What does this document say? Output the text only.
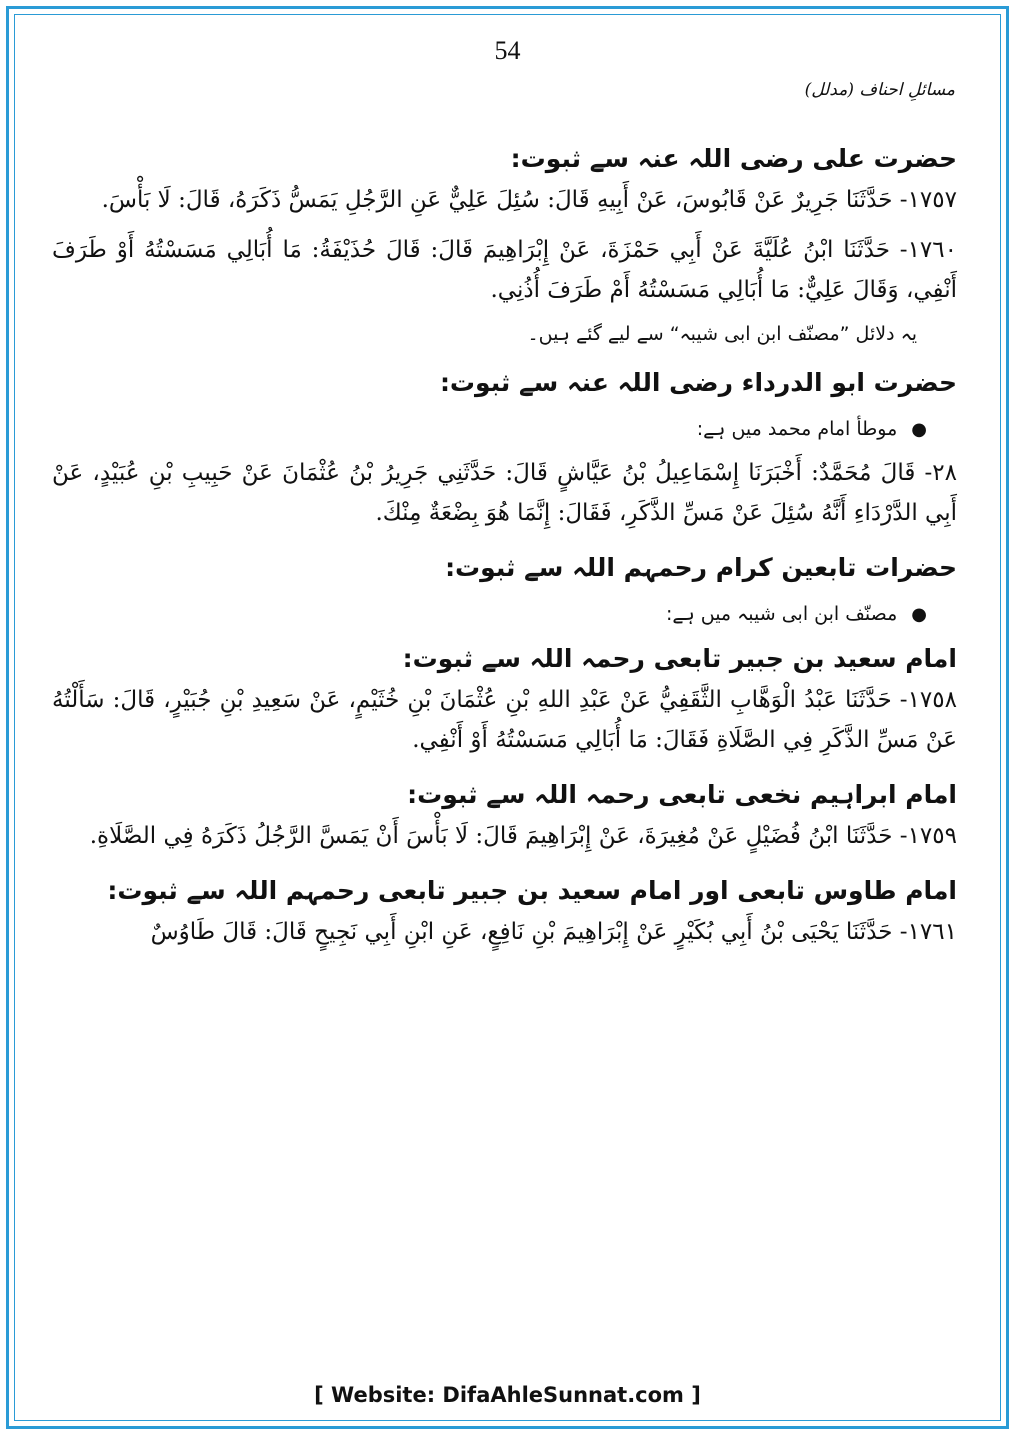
54
مسائلِ احناف (مدلل)

حضرت علی رضی اللہ عنہ سے ثبوت:

١٧٥٧- حَدَّثَنَا جَرِيرٌ عَنْ قَابُوسَ، عَنْ أَبِيهِ قَالَ: سُئِلَ عَلِيٌّ عَنِ الرَّجُلِ يَمَسُّ ذَكَرَهُ، قَالَ: لَا بَأْسَ.

١٧٦٠- حَدَّثَنَا ابْنُ عُلَيَّةَ عَنْ أَبِي حَمْزَةَ، عَنْ إِبْرَاهِيمَ قَالَ: قَالَ حُذَيْفَةُ: مَا أُبَالِي مَسَسْتُهُ أَوْ طَرَفَ أَنْفِي، وَقَالَ عَلِيٌّ: مَا أُبَالِي مَسَسْتُهُ أَمْ طَرَفَ أُذُنِي.

یہ دلائل ”مصنّف ابن ابی شیبہ“ سے لیے گئے ہیں۔

حضرت ابو الدرداء رضی اللہ عنہ سے ثبوت:

● موطأ امام محمد میں ہے:

٢٨- قَالَ مُحَمَّدٌ: أَخْبَرَنَا إِسْمَاعِيلُ بْنُ عَيَّاشٍ قَالَ: حَدَّثَنِي جَرِيرُ بْنُ عُثْمَانَ عَنْ حَبِيبِ بْنِ عُبَيْدٍ، عَنْ أَبِي الدَّرْدَاءِ أَنَّهُ سُئِلَ عَنْ مَسِّ الذَّكَرِ، فَقَالَ: إِنَّمَا هُوَ بِضْعَةٌ مِنْكَ.

حضرات تابعین کرام رحمہم اللہ سے ثبوت:

● مصنّف ابن ابی شیبہ میں ہے:

امام سعید بن جبیر تابعی رحمہ اللہ سے ثبوت:

١٧٥٨- حَدَّثَنَا عَبْدُ الْوَهَّابِ الثَّقَفِيُّ عَنْ عَبْدِ اللهِ بْنِ عُثْمَانَ بْنِ خُثَيْمٍ، عَنْ سَعِيدِ بْنِ جُبَيْرٍ، قَالَ: سَأَلْتُهُ عَنْ مَسِّ الذَّكَرِ فِي الصَّلَاةِ فَقَالَ: مَا أُبَالِي مَسَسْتُهُ أَوْ أَنْفِي.

امام ابراہیم نخعی تابعی رحمہ اللہ سے ثبوت:

١٧٥٩- حَدَّثَنَا ابْنُ فُضَيْلٍ عَنْ مُغِيرَةَ، عَنْ إِبْرَاهِيمَ قَالَ: لَا بَأْسَ أَنْ يَمَسَّ الرَّجُلُ ذَكَرَهُ فِي الصَّلَاةِ.

امام طاوس تابعی اور امام سعید بن جبیر تابعی رحمہم اللہ سے ثبوت:

١٧٦١- حَدَّثَنَا يَحْيَى بْنُ أَبِي بُكَيْرٍ عَنْ إِبْرَاهِيمَ بْنِ نَافِعٍ، عَنِ ابْنِ أَبِي نَجِيحٍ قَالَ: قَالَ طَاوُسٌ

[ Website: DifaAhleSunnat.com ]
